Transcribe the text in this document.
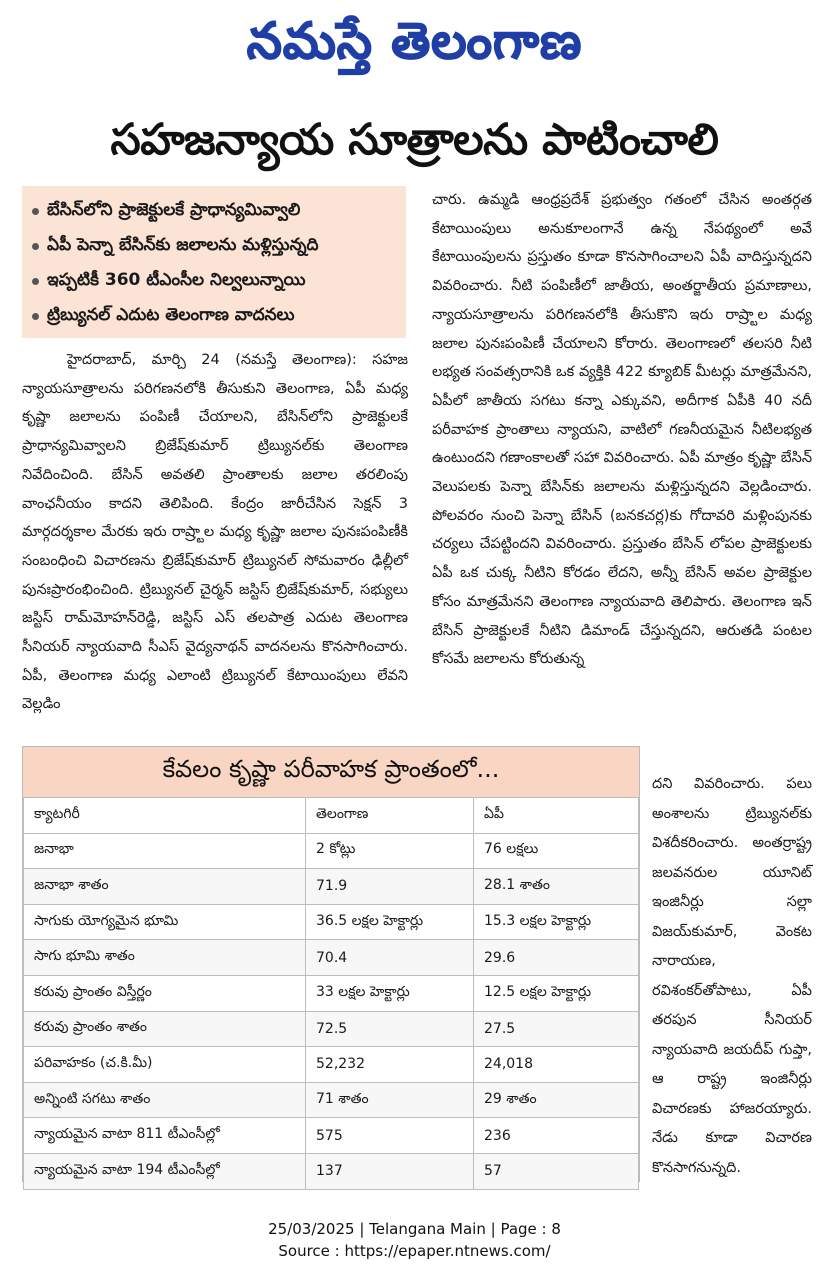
నమస్తే తెలంగాణ
సహజన్యాయ సూత్రాలను పాటించాలి
బేసిన్‌లోని ప్రాజెక్టులకే ప్రాధాన్యమివ్వాలి
ఏపీ పెన్నా బేసిన్‌కు జలాలను మళ్లిస్తున్నది
ఇప్పటికీ 360 టీఎంసీల నిల్వలున్నాయి
ట్రిబ్యునల్ ఎదుట తెలంగాణ వాదనలు

హైదరాబాద్, మార్చి 24 (నమస్తే తెలంగాణ): సహజ న్యాయసూత్రాలను పరిగణనలోకి తీసుకుని తెలంగాణ, ఏపీ మధ్య కృష్ణా జలాలను పంపిణీ చేయాలని, బేసిన్‌లోని ప్రాజెక్టులకే ప్రాధాన్యమివ్వాలని బ్రిజేష్‌కుమార్ ట్రిబ్యునల్‌కు తెలంగాణ నివేదించింది. బేసిన్ అవతలి ప్రాంతాలకు జలాల తరలింపు వాంఛనీయం కాదని తెలిపింది. కేంద్రం జారీచేసిన సెక్షన్ 3 మార్గదర్శకాల మేరకు ఇరు రాష్ర్టాల మధ్య కృష్ణా జలాల పునఃపంపిణీకి సంబంధించి విచారణను బ్రిజేష్‌కుమార్ ట్రిబ్యునల్ సోమవారం ఢిల్లీలో పునఃప్రారంభించింది. ట్రిబ్యునల్ చైర్మన్ జస్టిస్ బ్రిజేష్‌కుమార్, సభ్యులు జస్టిస్ రామ్‌మోహన్‌రెడ్డి, జస్టిస్ ఎస్ తలపాత్ర ఎదుట తెలంగాణ సీనియర్ న్యాయవాది సీఎస్ వైద్యనాథన్ వాదనలను కొనసాగించారు. ఏపీ, తెలంగాణ మధ్య ఎలాంటి ట్రిబ్యునల్ కేటాయింపులు లేవని వెల్లడిం

చారు. ఉమ్మడి ఆంధ్రప్రదేశ్ ప్రభుత్వం గతంలో చేసిన అంతర్గత కేటాయింపులు అనుకూలంగానే ఉన్న నేపథ్యంలో అవే కేటాయింపులను ప్రస్తుతం కూడా కొనసాగించాలని ఏపీ వాదిస్తున్నదని వివరించారు. నీటి పంపిణీలో జాతీయ, అంతర్జాతీయ ప్రమాణాలు, న్యాయసూత్రాలను పరిగణనలోకి తీసుకొని ఇరు రాష్ర్టాల మధ్య జలాల పునఃపంపిణీ చేయాలని కోరారు. తెలంగాణలో తలసరి నీటి లభ్యత సంవత్సరానికి ఒక వ్యక్తికి 422 క్యూబిక్ మీటర్లు మాత్రమేనని, ఏపీలో జాతీయ సగటు కన్నా ఎక్కువని, అదీగాక ఏపీకి 40 నదీ పరీవాహక ప్రాంతాలు న్యాయని, వాటిలో గణనీయమైన నీటిలభ్యత ఉంటుందని గణాంకాలతో సహా వివరించారు. ఏపీ మాత్రం కృష్ణా బేసిన్ వెలుపలకు పెన్నా బేసిన్‌కు జలాలను మళ్లిస్తున్నదని వెల్లడించారు. పోలవరం నుంచి పెన్నా బేసిన్ (బనకచర్ల)కు గోదావరి మళ్లింపునకు చర్యలు చేపట్టిందని వివరించారు. ప్రస్తుతం బేసిన్ లోపల ప్రాజెక్టులకు ఏపీ ఒక చుక్క నీటిని కోరడం లేదని, అన్నీ బేసిన్ అవల ప్రాజెక్టుల కోసం మాత్రమేనని తెలంగాణ న్యాయవాది తెలిపారు. తెలంగాణ ఇన్ బేసిన్ ప్రాజెక్టులకే నీటిని డిమాండ్ చేస్తున్నదని, ఆరుతడి పంటల కోసమే జలాలను కోరుతున్న

దని వివరించారు. పలు అంశాలను ట్రిబ్యునల్‌కు విశదీకరించారు. అంతర్రాష్ట్ర జలవనరుల యూనిట్ ఇంజినీర్లు సల్లా విజయ్‌కుమార్, వెంకట నారాయణ, రవిశంకర్‌తోపాటు, ఏపీ తరపున సీనియర్ న్యాయవాది జయదీప్ గుప్తా, ఆ రాష్ట్ర ఇంజినీర్లు విచారణకు హాజరయ్యారు. నేడు కూడా విచారణ కొనసాగనున్నది.
కేవలం కృష్ణా పరీవాహక ప్రాంతంలో...
క్యాటగిరీ	తెలంగాణ	ఏపీ
జనాభా	2 కోట్లు	76 లక్షలు
జనాభా శాతం	71.9	28.1 శాతం
సాగుకు యోగ్యమైన భూమి	36.5 లక్షల హెక్టార్లు	15.3 లక్షల హెక్టార్లు
సాగు భూమి శాతం	70.4	29.6
కరువు ప్రాంతం విస్తీర్ణం	33 లక్షల హెక్టార్లు	12.5 లక్షల హెక్టార్లు
కరువు ప్రాంతం శాతం	72.5	27.5
పరివాహకం (చ.కి.మీ)	52,232	24,018
అన్నింటి సగటు శాతం	71 శాతం	29 శాతం
న్యాయమైన వాటా 811 టీఎంసీల్లో	575	236
న్యాయమైన వాటా 194 టీఎంసీల్లో	137	57
25/03/2025 | Telangana Main | Page : 8
Source : https://epaper.ntnews.com/
